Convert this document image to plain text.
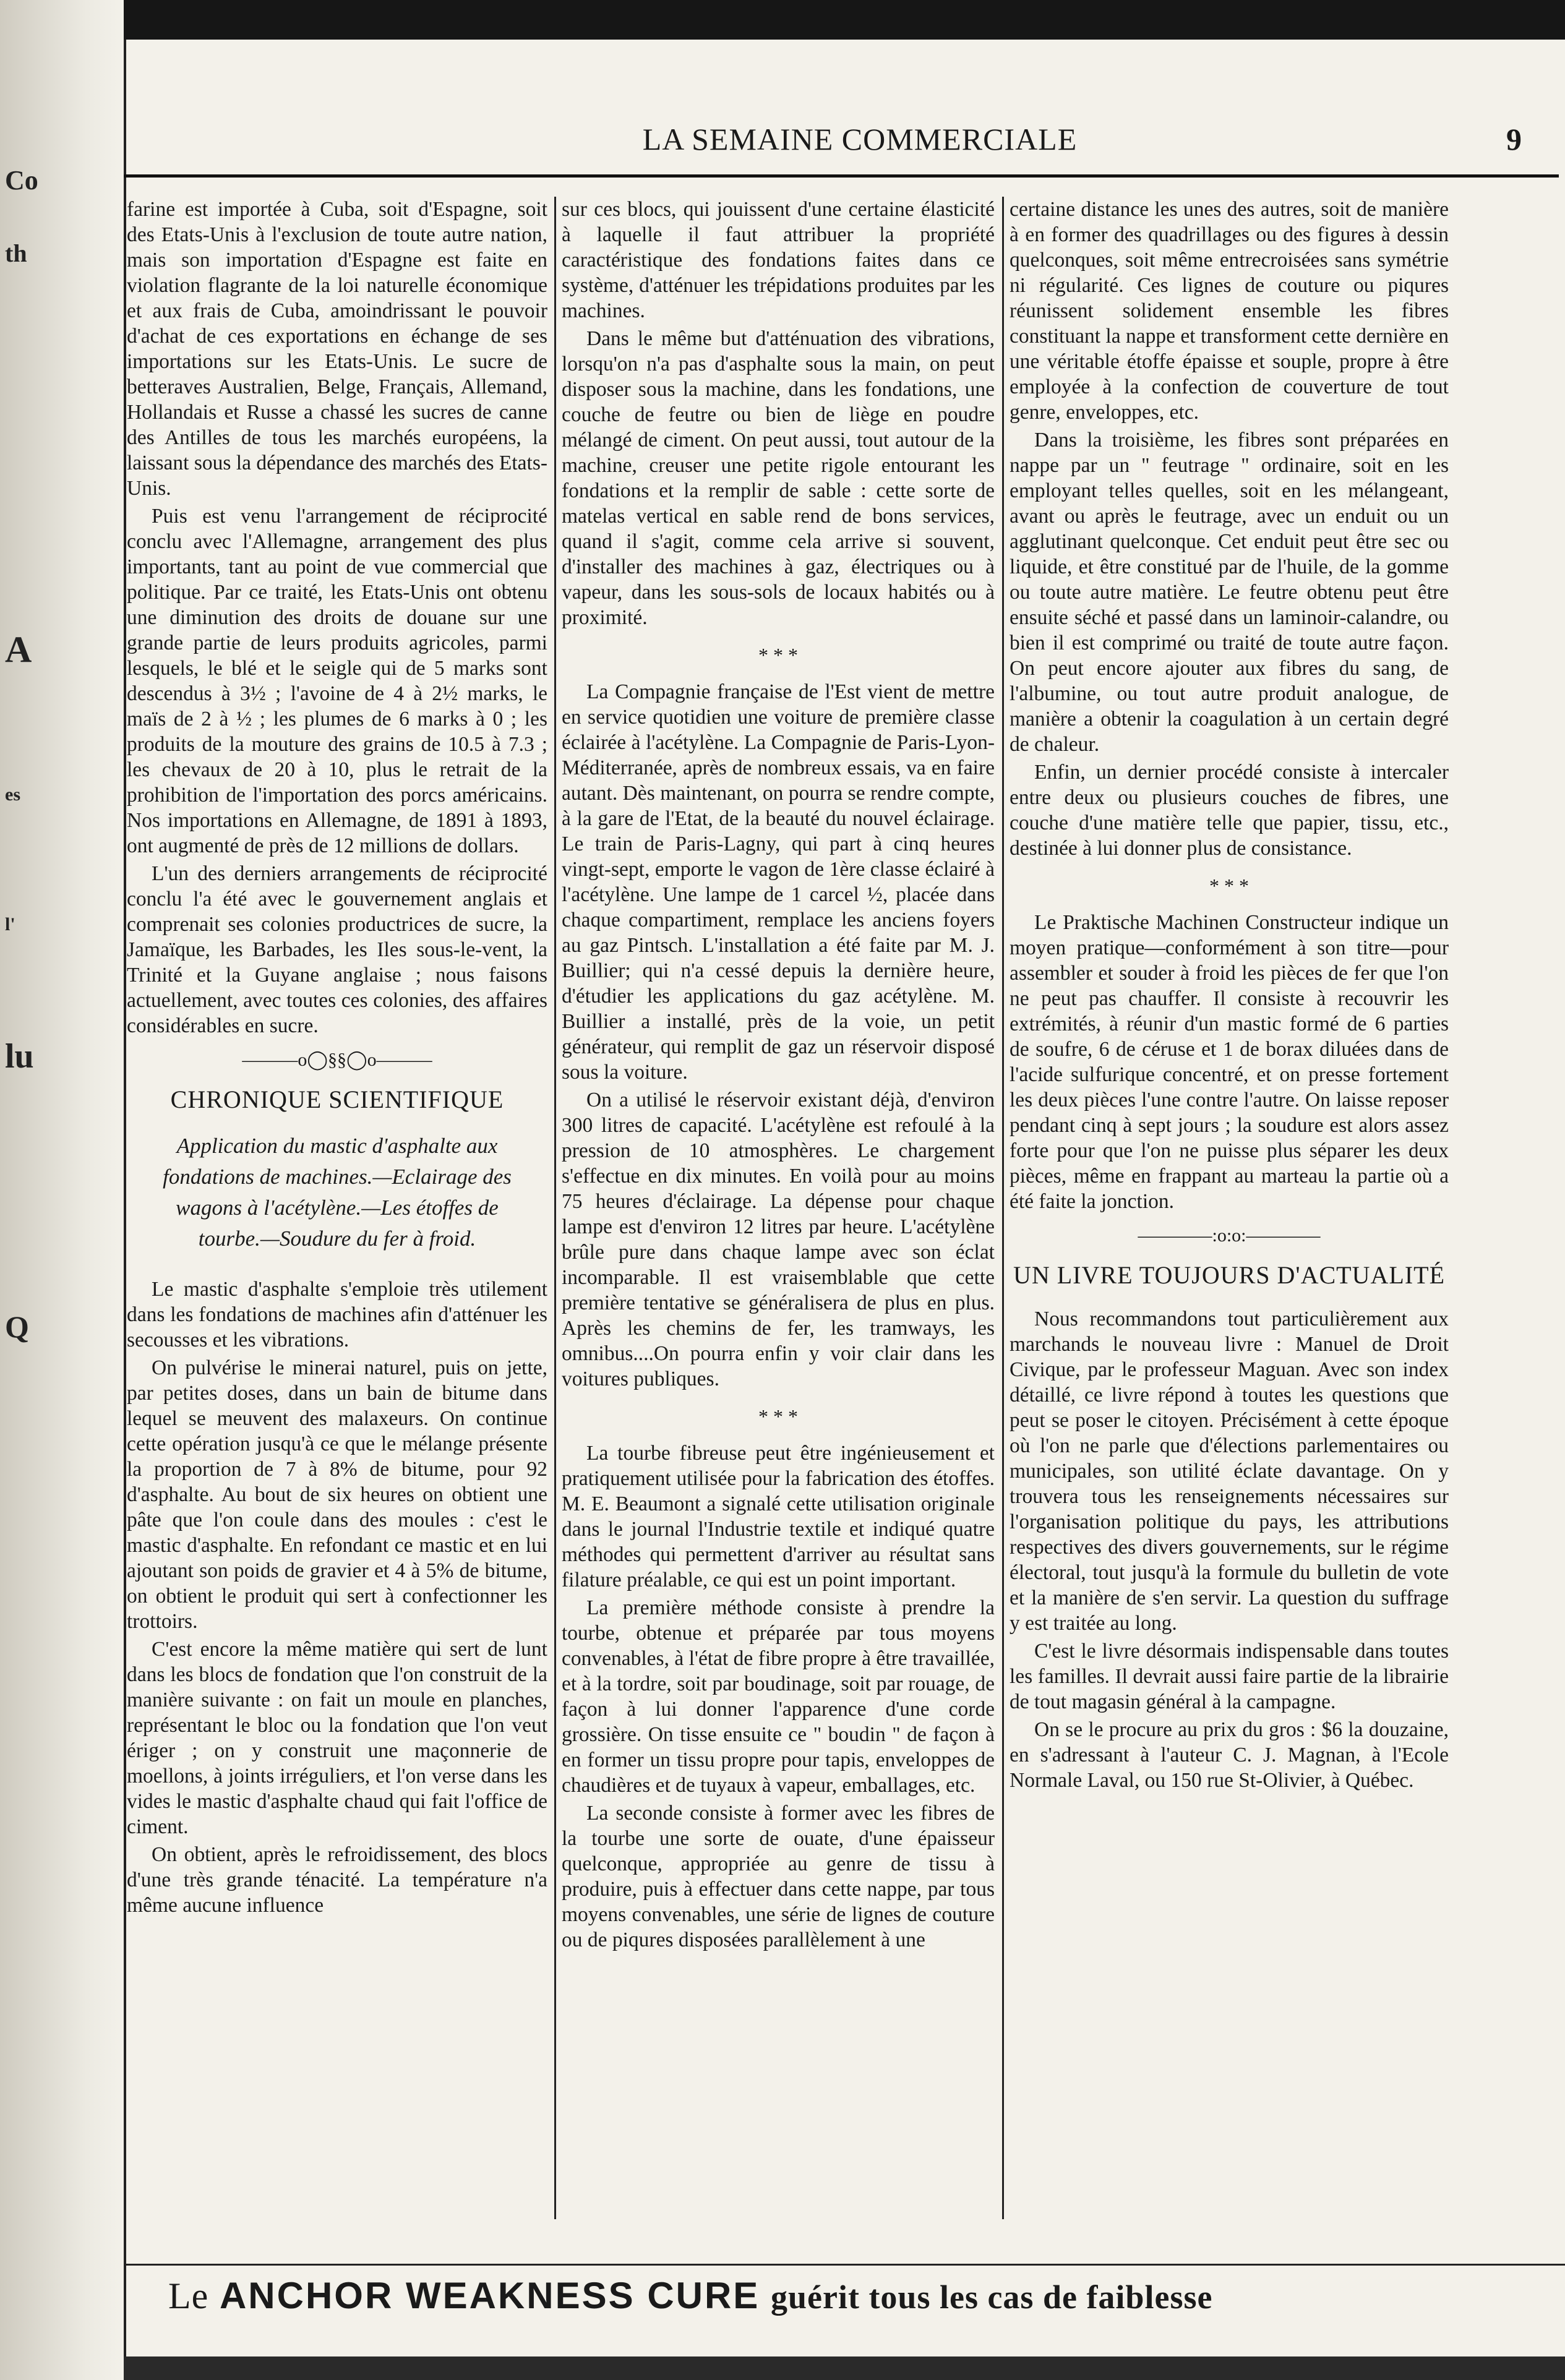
Co
th
A
es
lu
l'
Q
LA SEMAINE COMMERCIALE	9

farine est importée à Cuba, soit d'Espagne, soit des Etats-Unis à l'exclusion de toute autre nation, mais son importation d'Espagne est faite en violation flagrante de la loi naturelle économique et aux frais de Cuba, amoindrissant le pouvoir d'achat de ces exportations en échange de ses importations sur les Etats-Unis. Le sucre de betteraves Australien, Belge, Français, Allemand, Hollandais et Russe a chassé les sucres de canne des Antilles de tous les marchés européens, la laissant sous la dépendance des marchés des Etats-Unis.

Puis est venu l'arrangement de réciprocité conclu avec l'Allemagne, arrangement des plus importants, tant au point de vue commercial que politique. Par ce traité, les Etats-Unis ont obtenu une diminution des droits de douane sur une grande partie de leurs produits agricoles, parmi lesquels, le blé et le seigle qui de 5 marks sont descendus à 3½ ; l'avoine de 4 à 2½ marks, le maïs de 2 à ½ ; les plumes de 6 marks à 0 ; les produits de la mouture des grains de 10.5 à 7.3 ; les chevaux de 20 à 10, plus le retrait de la prohibition de l'importation des porcs américains. Nos importations en Allemagne, de 1891 à 1893, ont augmenté de près de 12 millions de dollars.

L'un des derniers arrangements de réciprocité conclu l'a été avec le gouvernement anglais et comprenait ses colonies productrices de sucre, la Jamaïque, les Barbades, les Iles sous-le-vent, la Trinité et la Guyane anglaise ; nous faisons actuellement, avec toutes ces colonies, des affaires considérables en sucre.

———o◯§§◯o———
CHRONIQUE SCIENTIFIQUE
Application du mastic d'asphalte aux fondations de machines.—Eclairage des wagons à l'acétylène.—Les étoffes de tourbe.—Soudure du fer à froid.

Le mastic d'asphalte s'emploie très utilement dans les fondations de machines afin d'atténuer les secousses et les vibrations.

On pulvérise le minerai naturel, puis on jette, par petites doses, dans un bain de bitume dans lequel se meuvent des malaxeurs. On continue cette opération jusqu'à ce que le mélange présente la proportion de 7 à 8% de bitume, pour 92 d'asphalte. Au bout de six heures on obtient une pâte que l'on coule dans des moules : c'est le mastic d'asphalte. En refondant ce mastic et en lui ajoutant son poids de gravier et 4 à 5% de bitume, on obtient le produit qui sert à confectionner les trottoirs.

C'est encore la même matière qui sert de lunt dans les blocs de fondation que l'on construit de la manière suivante : on fait un moule en planches, représentant le bloc ou la fondation que l'on veut ériger ; on y construit une maçonnerie de moellons, à joints irréguliers, et l'on verse dans les vides le mastic d'asphalte chaud qui fait l'office de ciment.

On obtient, après le refroidissement, des blocs d'une très grande ténacité. La température n'a même aucune influence

sur ces blocs, qui jouissent d'une certaine élasticité à laquelle il faut attribuer la propriété caractéristique des fondations faites dans ce système, d'atténuer les trépidations produites par les machines.

Dans le même but d'atténuation des vibrations, lorsqu'on n'a pas d'asphalte sous la main, on peut disposer sous la machine, dans les fondations, une couche de feutre ou bien de liège en poudre mélangé de ciment. On peut aussi, tout autour de la machine, creuser une petite rigole entourant les fondations et la remplir de sable : cette sorte de matelas vertical en sable rend de bons services, quand il s'agit, comme cela arrive si souvent, d'installer des machines à gaz, électriques ou à vapeur, dans les sous-sols de locaux habités ou à proximité.

* * *

La Compagnie française de l'Est vient de mettre en service quotidien une voiture de première classe éclairée à l'acétylène. La Compagnie de Paris-Lyon-Méditerranée, après de nombreux essais, va en faire autant. Dès maintenant, on pourra se rendre compte, à la gare de l'Etat, de la beauté du nouvel éclairage. Le train de Paris-Lagny, qui part à cinq heures vingt-sept, emporte le vagon de 1ère classe éclairé à l'acétylène. Une lampe de 1 carcel ½, placée dans chaque compartiment, remplace les anciens foyers au gaz Pintsch. L'installation a été faite par M. J. Buillier; qui n'a cessé depuis la dernière heure, d'étudier les applications du gaz acétylène. M. Buillier a installé, près de la voie, un petit générateur, qui remplit de gaz un réservoir disposé sous la voiture.

On a utilisé le réservoir existant déjà, d'environ 300 litres de capacité. L'acétylène est refoulé à la pression de 10 atmosphères. Le chargement s'effectue en dix minutes. En voilà pour au moins 75 heures d'éclairage. La dépense pour chaque lampe est d'environ 12 litres par heure. L'acétylène brûle pure dans chaque lampe avec son éclat incomparable. Il est vraisemblable que cette première tentative se généralisera de plus en plus. Après les chemins de fer, les tramways, les omnibus....On pourra enfin y voir clair dans les voitures publiques.

* * *

La tourbe fibreuse peut être ingénieusement et pratiquement utilisée pour la fabrication des étoffes. M. E. Beaumont a signalé cette utilisation originale dans le journal l'Industrie textile et indiqué quatre méthodes qui permettent d'arriver au résultat sans filature préalable, ce qui est un point important.

La première méthode consiste à prendre la tourbe, obtenue et préparée par tous moyens convenables, à l'état de fibre propre à être travaillée, et à la tordre, soit par boudinage, soit par rouage, de façon à lui donner l'apparence d'une corde grossière. On tisse ensuite ce " boudin " de façon à en former un tissu propre pour tapis, enveloppes de chaudières et de tuyaux à vapeur, emballages, etc.

La seconde consiste à former avec les fibres de la tourbe une sorte de ouate, d'une épaisseur quelconque, appropriée au genre de tissu à produire, puis à effectuer dans cette nappe, par tous moyens convenables, une série de lignes de couture ou de piqures disposées parallèlement à une

certaine distance les unes des autres, soit de manière à en former des quadrillages ou des figures à dessin quelconques, soit même entrecroisées sans symétrie ni régularité. Ces lignes de couture ou piqures réunissent solidement ensemble les fibres constituant la nappe et transforment cette dernière en une véritable étoffe épaisse et souple, propre à être employée à la confection de couverture de tout genre, enveloppes, etc.

Dans la troisième, les fibres sont préparées en nappe par un " feutrage " ordinaire, soit en les employant telles quelles, soit en les mélangeant, avant ou après le feutrage, avec un enduit ou un agglutinant quelconque. Cet enduit peut être sec ou liquide, et être constitué par de l'huile, de la gomme ou toute autre matière. Le feutre obtenu peut être ensuite séché et passé dans un laminoir-calandre, ou bien il est comprimé ou traité de toute autre façon. On peut encore ajouter aux fibres du sang, de l'albumine, ou tout autre produit analogue, de manière a obtenir la coagulation à un certain degré de chaleur.

Enfin, un dernier procédé consiste à intercaler entre deux ou plusieurs couches de fibres, une couche d'une matière telle que papier, tissu, etc., destinée à lui donner plus de consistance.

* * *

Le Praktische Machinen Constructeur indique un moyen pratique—conformément à son titre—pour assembler et souder à froid les pièces de fer que l'on ne peut pas chauffer. Il consiste à recouvrir les extrémités, à réunir d'un mastic formé de 6 parties de soufre, 6 de céruse et 1 de borax diluées dans de l'acide sulfurique concentré, et on presse fortement les deux pièces l'une contre l'autre. On laisse reposer pendant cinq à sept jours ; la soudure est alors assez forte pour que l'on ne puisse plus séparer les deux pièces, même en frappant au marteau la partie où a été faite la jonction.

————:o:o:————
UN LIVRE TOUJOURS D'ACTUALITÉ

Nous recommandons tout particulièrement aux marchands le nouveau livre : Manuel de Droit Civique, par le professeur Maguan. Avec son index détaillé, ce livre répond à toutes les questions que peut se poser le citoyen. Précisément à cette époque où l'on ne parle que d'élections parlementaires ou municipales, son utilité éclate davantage. On y trouvera tous les renseignements nécessaires sur l'organisation politique du pays, les attributions respectives des divers gouvernements, sur le régime électoral, tout jusqu'à la formule du bulletin de vote et la manière de s'en servir. La question du suffrage y est traitée au long.

C'est le livre désormais indispensable dans toutes les familles. Il devrait aussi faire partie de la librairie de tout magasin général à la campagne.

On se le procure au prix du gros : $6 la douzaine, en s'adressant à l'auteur C. J. Magnan, à l'Ecole Normale Laval, ou 150 rue St-Olivier, à Québec.

Le ANCHOR WEAKNESS CURE guérit tous les cas de faiblesse
